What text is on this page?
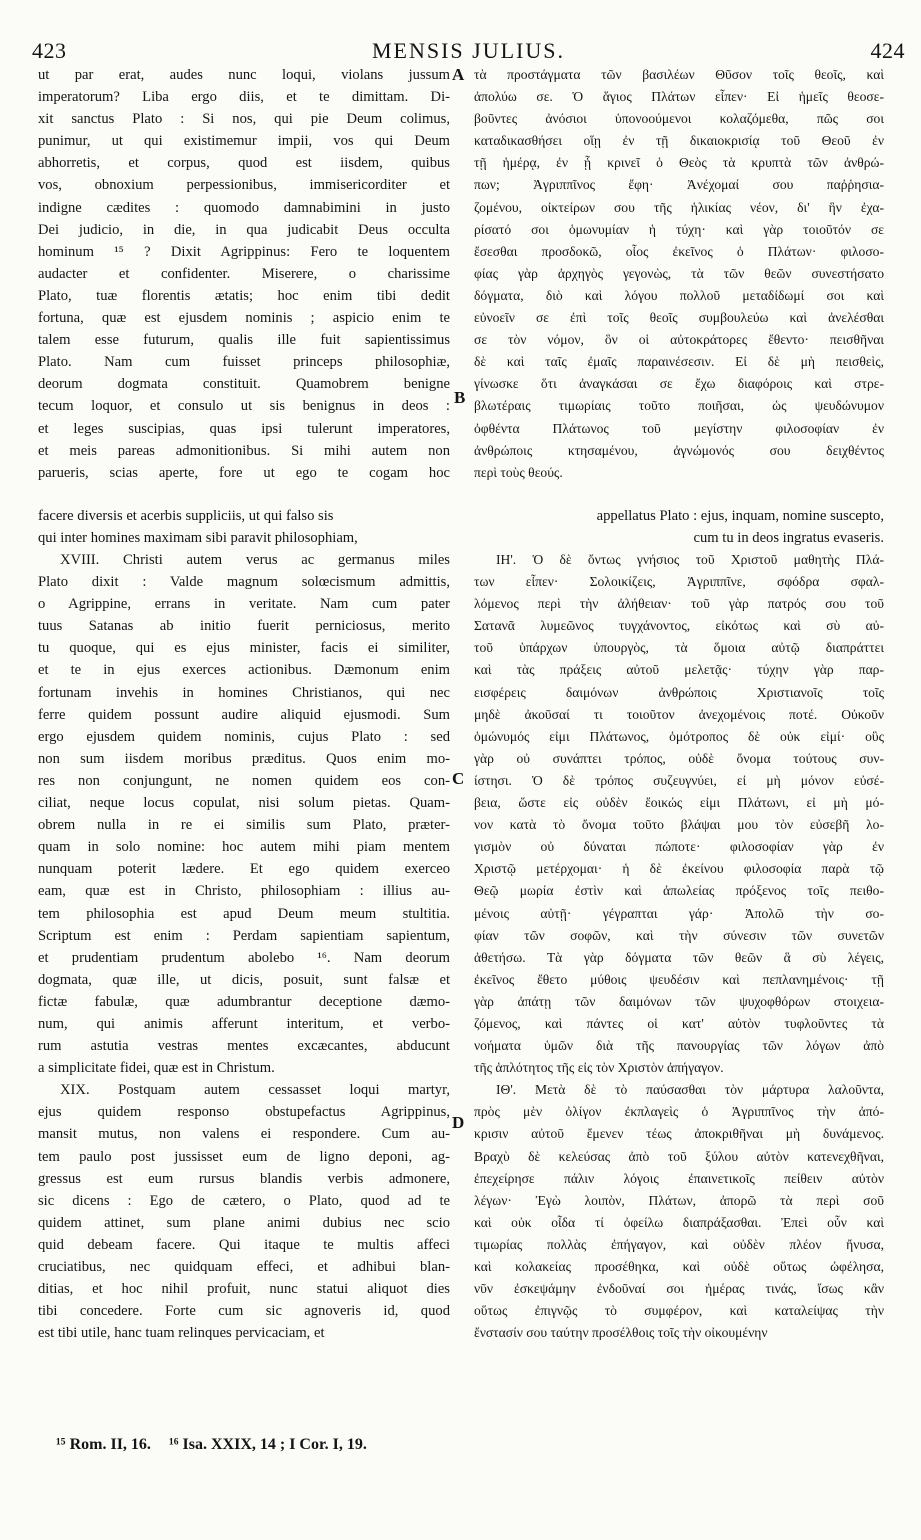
423	MENSIS JULIUS.	424
ut par erat, audes nunc loqui, violans jussum
imperatorum? Liba ergo diis, et te dimittam. Di-
xit sanctus Plato : Si nos, qui pie Deum colimus,
punimur, ut qui existimemur impii, vos qui Deum
abhorretis, et corpus, quod est iisdem, quibus
vos, obnoxium perpessionibus, immisericorditer et
indigne cædites : quomodo damnabimini in justo
Dei judicio, in die, in qua judicabit Deus occulta
hominum ¹⁵ ? Dixit Agrippinus: Fero te loquentem
audacter et confidenter. Miserere, o charissime
Plato, tuæ florentis ætatis; hoc enim tibi dedit
fortuna, quæ est ejusdem nominis ; aspicio enim te
talem esse futurum, qualis ille fuit sapientissimus
Plato. Nam cum fuisset princeps philosophiæ,
deorum dogmata constituit. Quamobrem benigne
tecum loquor, et consulo ut sis benignus in deos :
et leges suscipias, quas ipsi tulerunt imperatores,
et meis pareas admonitionibus. Si mihi autem non
parueris, scias aperte, fore ut ego te cogam hoc
τὰ προστάγματα τῶν βασιλέων Θῦσον τοῖς θεοῖς, καὶ
ἀπολύω σε. Ὁ ἅγιος Πλάτων εἶπεν· Εἰ ἡμεῖς θεοσε-
βοῦντες ἀνόσιοι ὑπονοούμενοι κολαζόμεθα, πῶς σοι
καταδικασθήσει οἵῃ ἐν τῇ δικαιοκρισίᾳ τοῦ Θεοῦ ἐν
τῇ ἡμέρᾳ, ἐν ᾗ κρινεῖ ὁ Θεὸς τὰ κρυπτὰ τῶν ἀνθρώ-
πων; Ἀγριππῖνος ἔφη· Ἀνέχομαί σου παῤῥησια-
ζομένου, οἰκτείρων σου τῆς ἡλικίας νέον, δι' ἣν ἐχα-
ρίσατό σοι ὁμωνυμίαν ἡ τύχη· καὶ γὰρ τοιοῦτόν σε
ἔσεσθαι προσδοκῶ, οἷος ἐκεῖνος ὁ Πλάτων· φιλοσο-
φίας γὰρ ἀρχηγὸς γεγονὼς, τὰ τῶν θεῶν συνεστήσατο
δόγματα, διὸ καὶ λόγου πολλοῦ μεταδίδωμί σοι καὶ
εὐνοεῖν σε ἐπὶ τοῖς θεοῖς συμβουλεύω καὶ ἀνελέσθαι
σε τὸν νόμον, ὃν οἱ αὐτοκράτορες ἔθεντο· πεισθῆναι
δὲ καὶ ταῖς ἐμαῖς παραινέσεσιν. Εἰ δὲ μὴ πεισθεὶς,
γίνωσκε ὅτι ἀναγκάσαι σε ἔχω διαφόροις καὶ στρε-
βλωτέραις τιμωρίαις τοῦτο ποιῆσαι, ὡς ψευδώνυμον
ὀφθέντα Πλάτωνος τοῦ μεγίστην φιλοσοφίαν ἐν
ἀνθρώποις κτησαμένου, ἀγνώμονός σου δειχθέντος
περὶ τοὺς θεούς.
facere diversis et acerbis suppliciis, ut qui falso sis	appellatus Plato : ejus, inquam, nomine suscepto,
qui inter homines maximam sibi paravit philosophiam,	cum tu in deos ingratus evaseris.
XVIII. Christi autem verus ac germanus miles
Plato dixit : Valde magnum solœcismum admittis,
o Agrippine, errans in veritate. Nam cum pater
tuus Satanas ab initio fuerit perniciosus, merito
tu quoque, qui es ejus minister, facis ei similiter,
et te in ejus exerces actionibus. Dæmonum enim
fortunam invehis in homines Christianos, qui nec
ferre quidem possunt audire aliquid ejusmodi. Sum
ergo ejusdem quidem nominis, cujus Plato : sed
non sum iisdem moribus præditus. Quos enim mo-
res non conjungunt, ne nomen quidem eos con-
ciliat, neque locus copulat, nisi solum pietas. Quam-
obrem nulla in re ei similis sum Plato, præter-
quam in solo nomine: hoc autem mihi piam mentem
nunquam poterit lædere. Et ego quidem exerceo
eam, quæ est in Christo, philosophiam : illius au-
tem philosophia est apud Deum meum stultitia.
Scriptum est enim : Perdam sapientiam sapientum,
et prudentiam prudentum abolebo ¹⁶. Nam deorum
dogmata, quæ ille, ut dicis, posuit, sunt falsæ et
fictæ fabulæ, quæ adumbrantur deceptione dæmo-
num, qui animis afferunt interitum, et verbo-
rum astutia vestras mentes excæcantes, abducunt
a simplicitate fidei, quæ est in Christum.
XIX. Postquam autem cessasset loqui martyr,
ejus quidem responso obstupefactus Agrippinus,
mansit mutus, non valens ei respondere. Cum au-
tem paulo post jussisset eum de ligno deponi, ag-
gressus est eum rursus blandis verbis admonere,
sic dicens : Ego de cætero, o Plato, quod ad te
quidem attinet, sum plane animi dubius nec scio
quid debeam facere. Qui itaque te multis affeci
cruciatibus, nec quidquam effeci, et adhibui blan-
ditias, et hoc nihil profuit, nunc statui aliquot dies
tibi concedere. Forte cum sic agnoveris id, quod
est tibi utile, hanc tuam relinques pervicaciam, et
ΙΗ'. Ὁ δὲ ὄντως γνήσιος τοῦ Χριστοῦ μαθητὴς Πλά-
των εἶπεν· Σολοικίζεις, Ἀγριππῖνε, σφόδρα σφαλ-
λόμενος περὶ τὴν ἀλήθειαν· τοῦ γὰρ πατρός σου τοῦ
Σατανᾶ λυμεῶνος τυγχάνοντος, εἰκότως καὶ σὺ αὐ-
τοῦ ὑπάρχων ὑπουργὸς, τὰ ὅμοια αὐτῷ διαπράττει
καὶ τὰς πράξεις αὐτοῦ μελετᾷς· τύχην γὰρ παρ-
εισφέρεις δαιμόνων ἀνθρώποις Χριστιανοῖς τοῖς
μηδὲ ἀκοῦσαί τι τοιοῦτον ἀνεχομένοις ποτέ. Οὐκοῦν
ὁμώνυμός εἰμι Πλάτωνος, ὁμότροπος δὲ οὐκ εἰμί· οὓς
γὰρ οὐ συνάπτει τρόπος, οὐδὲ ὄνομα τούτους συν-
ίστησι. Ὁ δὲ τρόπος συζευγνύει, εἰ μὴ μόνον εὐσέ-
βεια, ὥστε εἰς οὐδὲν ἔοικώς εἰμι Πλάτωνι, εἰ μὴ μό-
νον κατὰ τὸ ὄνομα τοῦτο βλάψαι μου τὸν εὐσεβῆ λο-
γισμὸν οὐ δύναται πώποτε· φιλοσοφίαν γὰρ ἐν
Χριστῷ μετέρχομαι· ἡ δὲ ἐκείνου φιλοσοφία παρὰ τῷ
Θεῷ μωρία ἐστὶν καὶ ἀπωλείας πρόξενος τοῖς πειθο-
μένοις αὐτῇ· γέγραπται γάρ· Ἀπολῶ τὴν σο-
φίαν τῶν σοφῶν, καὶ τὴν σύνεσιν τῶν συνετῶν
ἀθετήσω. Τὰ γὰρ δόγματα τῶν θεῶν ἃ σὺ λέγεις,
ἐκεῖνος ἔθετο μύθοις ψευδέσιν καὶ πεπλανημένοις· τῇ
γὰρ ἀπάτῃ τῶν δαιμόνων τῶν ψυχοφθόρων στοιχεια-
ζόμενος, καὶ πάντες οἱ κατ' αὐτὸν τυφλοῦντες τὰ
νοήματα ὑμῶν διὰ τῆς πανουργίας τῶν λόγων ἀπὸ
τῆς ἁπλότητος τῆς εἰς τὸν Χριστὸν ἀπήγαγον.
ΙΘ'. Μετὰ δὲ τὸ παύσασθαι τὸν μάρτυρα λαλοῦντα,
πρὸς μὲν ὀλίγον ἐκπλαγεὶς ὁ Ἀγριππῖνος τὴν ἀπό-
κρισιν αὐτοῦ ἔμενεν τέως ἀποκριθῆναι μὴ δυνάμενος.
Βραχὺ δὲ κελεύσας ἀπὸ τοῦ ξύλου αὐτὸν κατενεχθῆναι,
ἐπεχείρησε πάλιν λόγοις ἐπαινετικοῖς πείθειν αὐτὸν
λέγων· Ἐγὼ λοιπὸν, Πλάτων, ἀπορῶ τὰ περὶ σοῦ
καὶ οὐκ οἶδα τί ὀφείλω διαπράξασθαι. Ἐπεὶ οὖν καὶ
τιμωρίας πολλὰς ἐπήγαγον, καὶ οὐδὲν πλέον ἤνυσα,
καὶ κολακείας προσέθηκα, καὶ οὐδὲ οὕτως ὠφέλησα,
νῦν ἐσκεψάμην ἐνδοῦναί σοι ἡμέρας τινάς, ἴσως κἂν
οὕτως ἐπιγνῷς τὸ συμφέρον, καὶ καταλείψας τὴν
ἔνστασίν σου ταύτην προσέλθοις τοῖς τὴν οἰκουμένην
A
B
C
D
¹⁵ Rom. II, 16. ¹⁶ Isa. XXIX, 14 ; I Cor. I, 19.
